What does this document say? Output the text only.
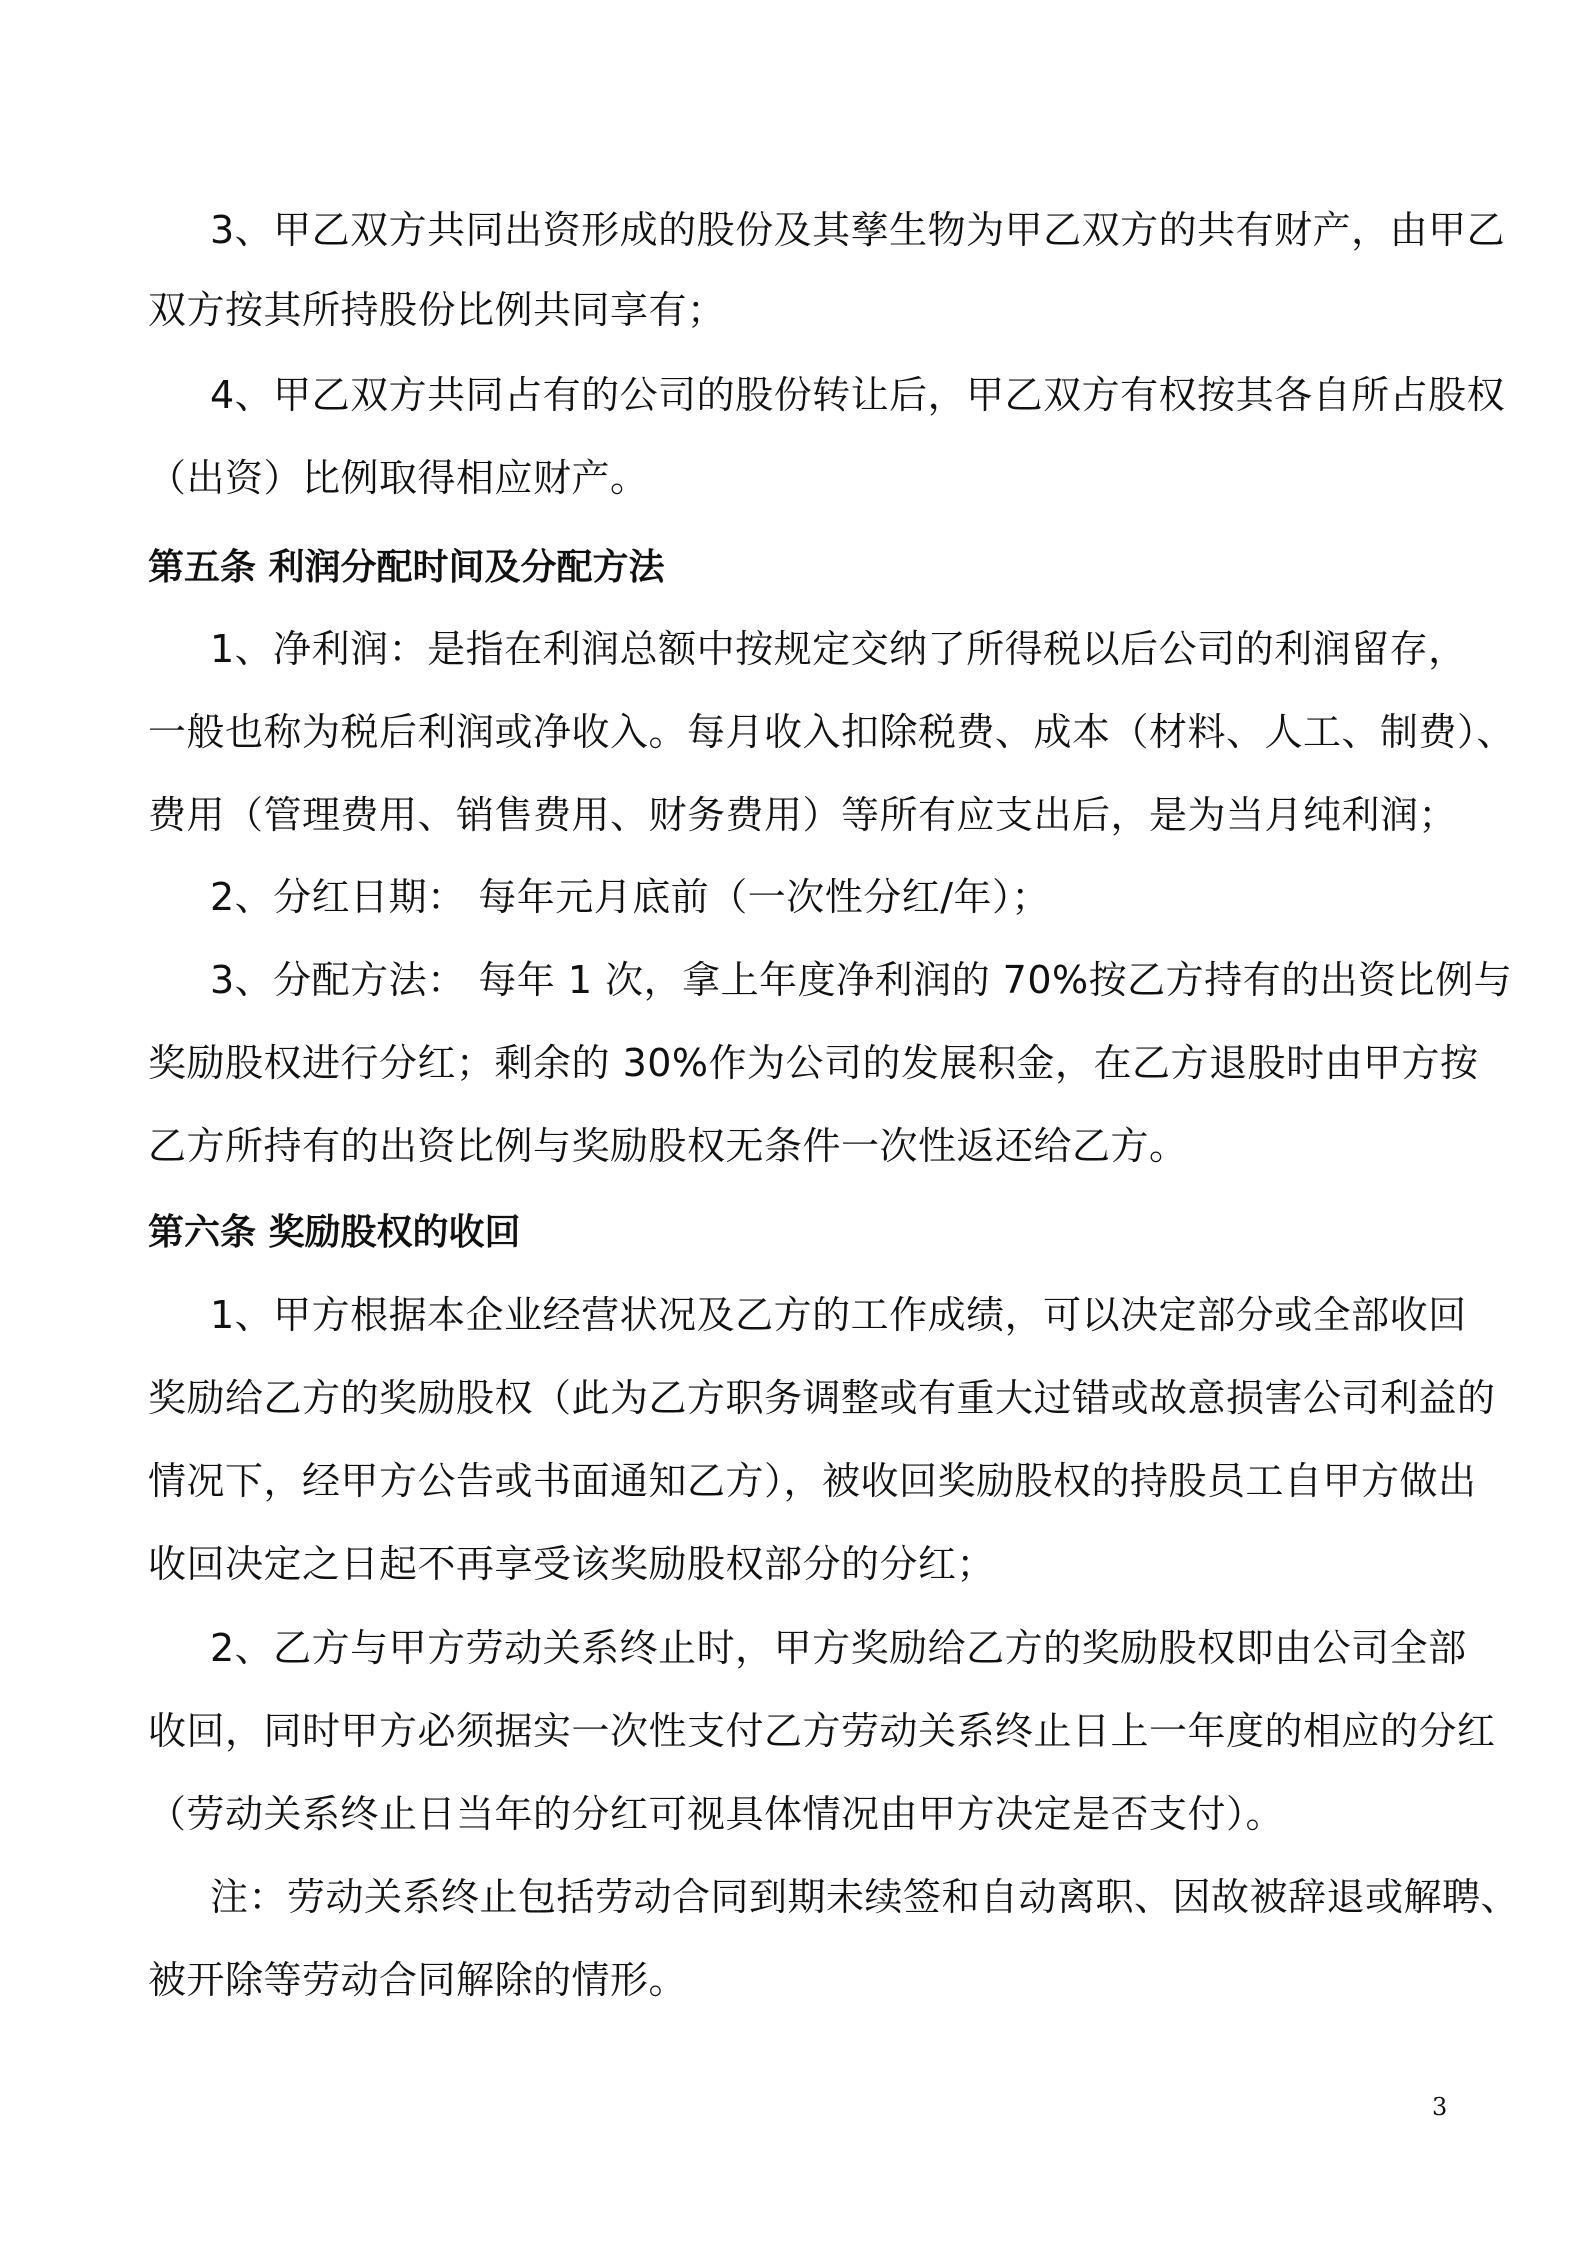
3、甲乙双方共同出资形成的股份及其孳生物为甲乙双方的共有财产，由甲乙
双方按其所持股份比例共同享有；
4、甲乙双方共同占有的公司的股份转让后，甲乙双方有权按其各自所占股权
（出资）比例取得相应财产。
第五条 利润分配时间及分配方法
1、净利润：是指在利润总额中按规定交纳了所得税以后公司的利润留存，
一般也称为税后利润或净收入。每月收入扣除税费、成本（材料、人工、制费）、
费用（管理费用、销售费用、财务费用）等所有应支出后，是为当月纯利润；
2、分红日期： 每年元月底前（一次性分红/年）；
3、分配方法： 每年 1 次，拿上年度净利润的 70%按乙方持有的出资比例与
奖励股权进行分红；剩余的 30%作为公司的发展积金，在乙方退股时由甲方按
乙方所持有的出资比例与奖励股权无条件一次性返还给乙方。
第六条 奖励股权的收回
1、甲方根据本企业经营状况及乙方的工作成绩，可以决定部分或全部收回
奖励给乙方的奖励股权（此为乙方职务调整或有重大过错或故意损害公司利益的
情况下，经甲方公告或书面通知乙方），被收回奖励股权的持股员工自甲方做出
收回决定之日起不再享受该奖励股权部分的分红；
2、乙方与甲方劳动关系终止时，甲方奖励给乙方的奖励股权即由公司全部
收回，同时甲方必须据实一次性支付乙方劳动关系终止日上一年度的相应的分红
（劳动关系终止日当年的分红可视具体情况由甲方决定是否支付）。
注：劳动关系终止包括劳动合同到期未续签和自动离职、因故被辞退或解聘、
被开除等劳动合同解除的情形。
3
